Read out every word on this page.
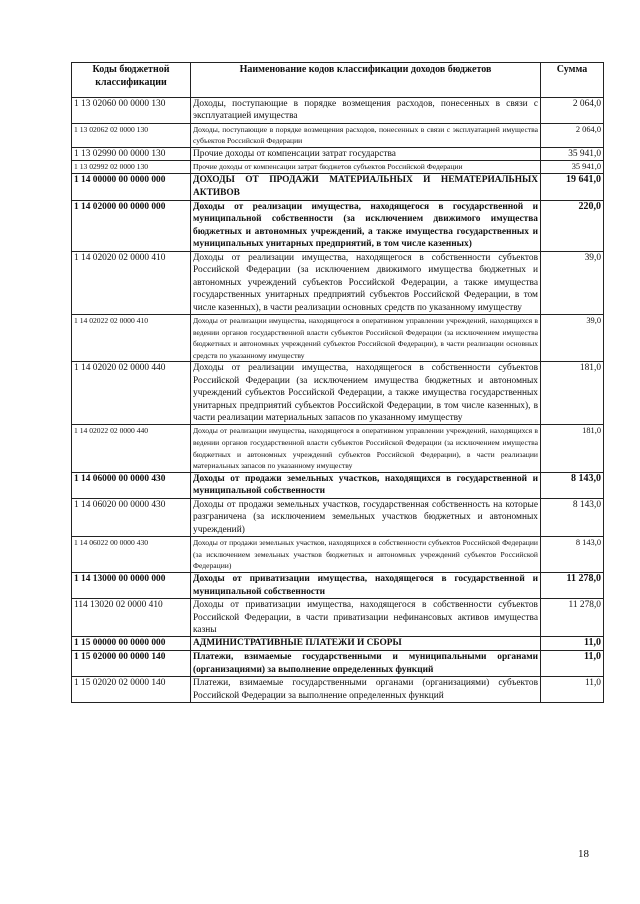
Коды бюджетной классификации	Наименование кодов классификации доходов бюджетов	Сумма
1 13 02060 00 0000 130	Доходы, поступающие в порядке возмещения расходов, понесенных в связи с эксплуатацией имущества	2 064,0
1 13 02062 02 0000 130	Доходы, поступающие в порядке возмещения расходов, понесенных в связи с эксплуатацией имущества субъектов Российской Федерации	2 064,0
1 13 02990 00 0000 130	Прочие доходы от компенсации затрат государства	35 941,0
1 13 02992 02 0000 130	Прочие доходы от компенсации затрат бюджетов субъектов Российской Федерации	35 941,0
1 14 00000 00 0000 000	ДОХОДЫ ОТ ПРОДАЖИ МАТЕРИАЛЬНЫХ И НЕМАТЕРИАЛЬНЫХ АКТИВОВ	19 641,0
1 14 02000 00 0000 000	Доходы от реализации имущества, находящегося в государственной и муниципальной собственности (за исключением движимого имущества бюджетных и автономных учреждений, а также имущества государственных и муниципальных унитарных предприятий, в том числе казенных)	220,0
1 14 02020 02 0000 410	Доходы от реализации имущества, находящегося в собственности субъектов Российской Федерации (за исключением движимого имущества бюджетных и автономных учреждений субъектов Российской Федерации, а также имущества государственных унитарных предприятий субъектов Российской Федерации, в том числе казенных), в части реализации основных средств по указанному имуществу	39,0
1 14 02022 02 0000 410	Доходы от реализации имущества, находящегося в оперативном управлении учреждений, находящихся в ведении органов государственной власти субъектов Российской Федерации (за исключением имущества бюджетных и автономных учреждений субъектов Российской Федерации), в части реализации основных средств по указанному имуществу	39,0
1 14 02020 02 0000 440	Доходы от реализации имущества, находящегося в собственности субъектов Российской Федерации (за исключением имущества бюджетных и автономных учреждений субъектов Российской Федерации, а также имущества государственных унитарных предприятий субъектов Российской Федерации, в том числе казенных), в части реализации материальных запасов по указанному имуществу	181,0
1 14 02022 02 0000 440	Доходы от реализации имущества, находящегося в оперативном управлении учреждений, находящихся в ведении органов государственной власти субъектов Российской Федерации (за исключением имущества бюджетных и автономных учреждений субъектов Российской Федерации), в части реализации материальных запасов по указанному имуществу	181,0
1 14 06000 00 0000 430	Доходы от продажи земельных участков, находящихся в государственной и муниципальной собственности	8 143,0
1 14 06020 00 0000 430	Доходы от продажи земельных участков, государственная собственность на которые разграничена (за исключением земельных участков бюджетных и автономных учреждений)	8 143,0
1 14 06022 00 0000 430	Доходы от продажи земельных участков, находящихся в собственности субъектов Российской Федерации (за исключением земельных участков бюджетных и автономных учреждений субъектов Российской Федерации)	8 143,0
1 14 13000 00 0000 000	Доходы от приватизации имущества, находящегося в государственной и муниципальной собственности	11 278,0
114 13020 02 0000 410	Доходы от приватизации имущества, находящегося в собственности субъектов Российской Федерации, в части приватизации нефинансовых активов имущества казны	11 278,0
1 15 00000 00 0000 000	АДМИНИСТРАТИВНЫЕ ПЛАТЕЖИ И СБОРЫ	11,0
1 15 02000 00 0000 140	Платежи, взимаемые государственными и муниципальными органами (организациями) за выполнение определенных функций	11,0
1 15 02020 02 0000 140	Платежи, взимаемые государственными органами (организациями) субъектов Российской Федерации за выполнение определенных функций	11,0
18
